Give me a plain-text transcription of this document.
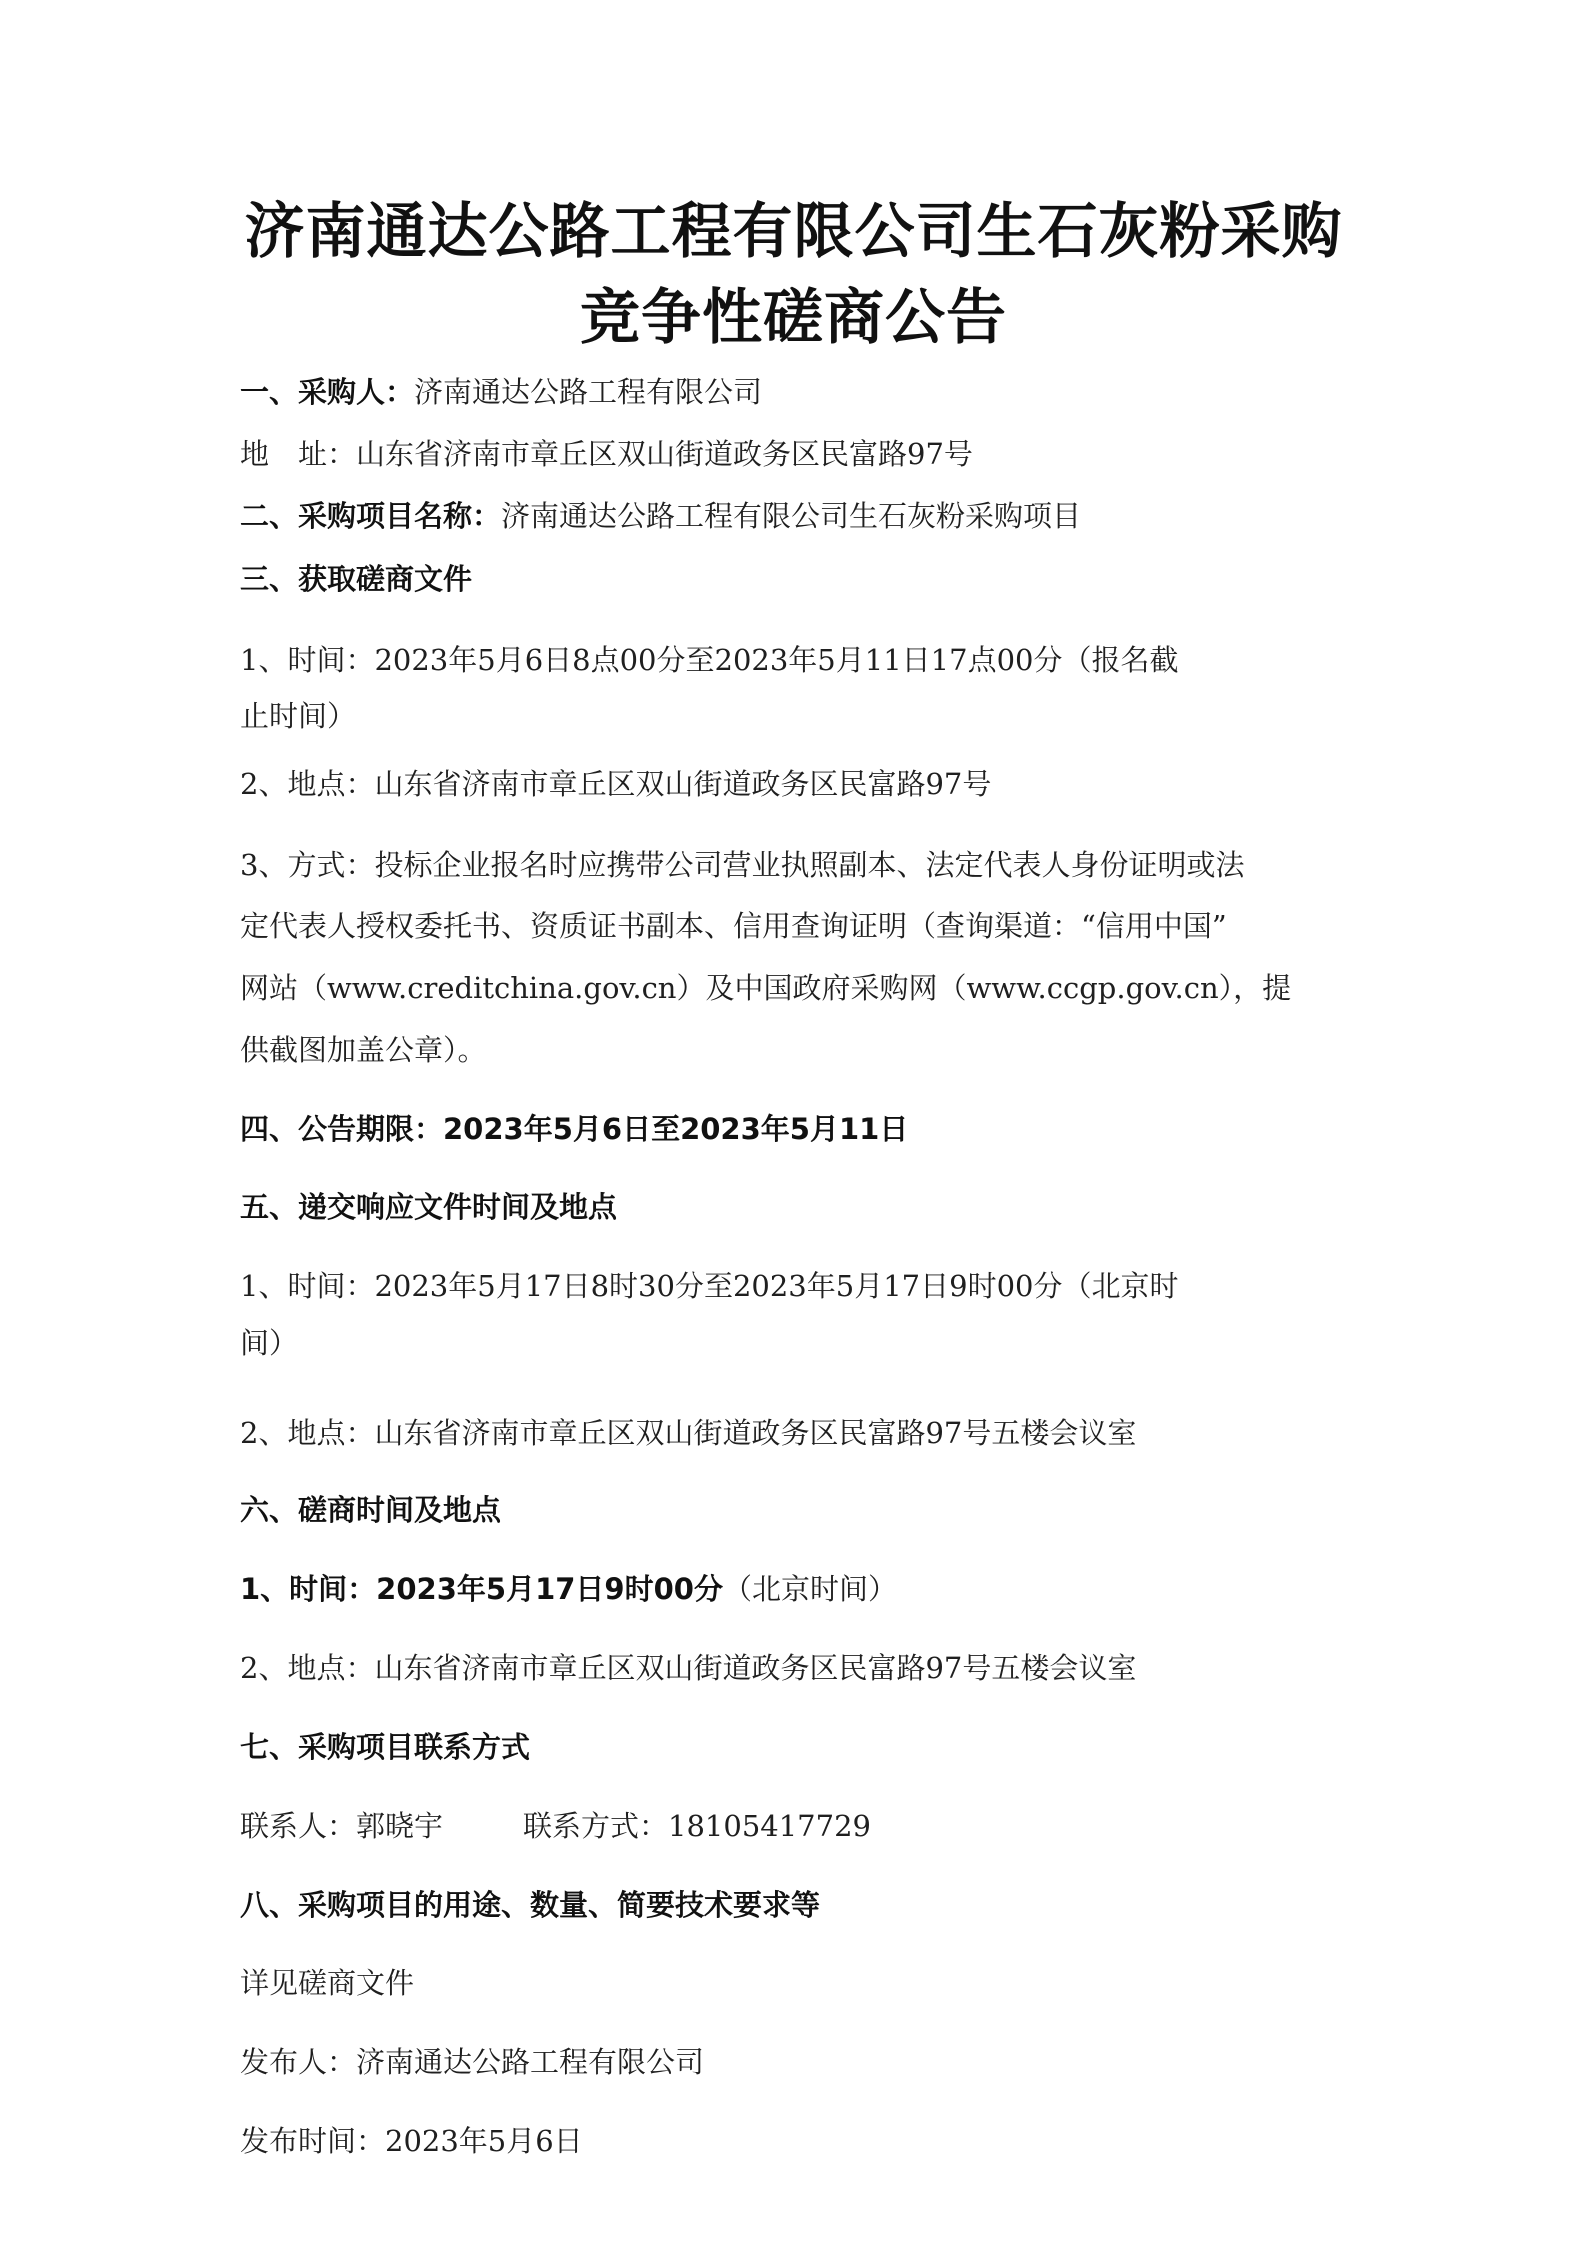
济南通达公路工程有限公司生石灰粉采购
竞争性磋商公告
一、采购人：济南通达公路工程有限公司
地　址：山东省济南市章丘区双山街道政务区民富路97号
二、采购项目名称：济南通达公路工程有限公司生石灰粉采购项目
三、获取磋商文件
1、时间：2023年5月6日8点00分至2023年5月11日17点00分（报名截
止时间）
2、地点：山东省济南市章丘区双山街道政务区民富路97号
3、方式：投标企业报名时应携带公司营业执照副本、法定代表人身份证明或法
定代表人授权委托书、资质证书副本、信用查询证明（查询渠道：“信用中国”
网站（www.creditchina.gov.cn）及中国政府采购网（www.ccgp.gov.cn），提
供截图加盖公章）。
四、公告期限：2023年5月6日至2023年5月11日
五、递交响应文件时间及地点
1、时间：2023年5月17日8时30分至2023年5月17日9时00分（北京时
间）
2、地点：山东省济南市章丘区双山街道政务区民富路97号五楼会议室
六、磋商时间及地点
1、时间：2023年5月17日9时00分（北京时间）
2、地点：山东省济南市章丘区双山街道政务区民富路97号五楼会议室
七、采购项目联系方式
联系人：郭晓宇	联系方式：18105417729
八、采购项目的用途、数量、简要技术要求等
详见磋商文件
发布人：济南通达公路工程有限公司
发布时间：2023年5月6日
